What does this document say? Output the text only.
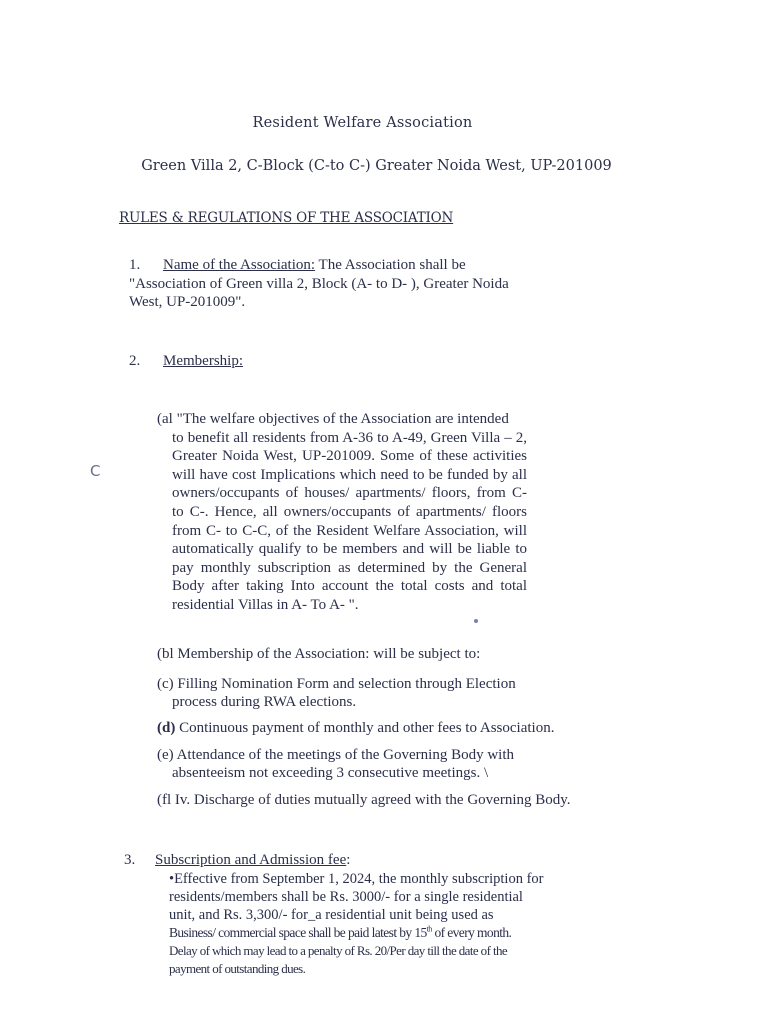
Resident Welfare Association
Green Villa 2, C-Block (C-to C-) Greater Noida West, UP-201009
RULES & REGULATIONS OF THE ASSOCIATION
1. Name of the Association: The Association shall be
"Association of Green villa 2, Block (A- to D- ), Greater Noida
West, UP-201009".
2. Membership:
C
(al "The welfare objectives of the Association are intended
to benefit all residents from A-36 to A-49, Green Villa – 2, Greater Noida West, UP-201009. Some of these activities will have cost Implications which need to be funded by all owners/occupants of houses/ apartments/ floors, from C- to C-. Hence, all owners/occupants of apartments/ floors from C- to C-C, of the Resident Welfare Association, will automatically qualify to be members and will be liable to pay monthly subscription as determined by the General Body after taking Into account the total costs and total residential Villas in A- To A- ".
(bl Membership of the Association: will be subject to:
(c) Filling Nomination Form and selection through Election
process during RWA elections.
(d) Continuous payment of monthly and other fees to Association.
(e) Attendance of the meetings of the Governing Body with
absenteeism not exceeding 3 consecutive meetings. \
(fl Iv. Discharge of duties mutually agreed with the Governing Body.
3. Subscription and Admission fee:
•Effective from September 1, 2024, the monthly subscription for
residents/members shall be Rs. 3000/- for a single residential
unit, and Rs. 3,300/- for_a residential unit being used as
Business/ commercial space shall be paid latest by 15th of every month.
Delay of which may lead to a penalty of Rs. 20/Per day till the date of the
payment of outstanding dues.
